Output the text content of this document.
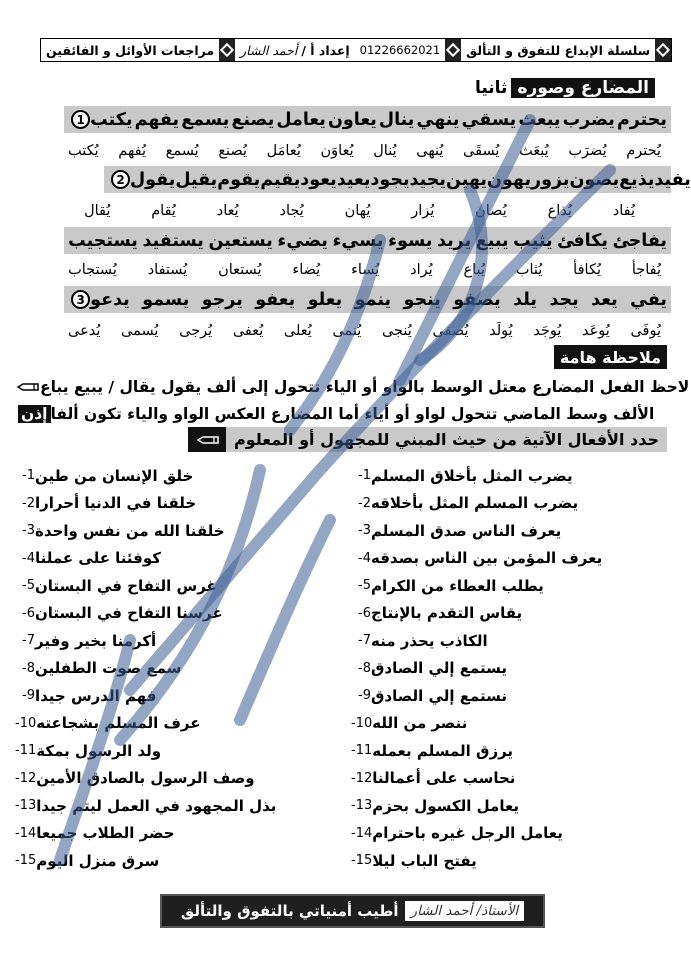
مراجعات الأوائل و الفائقين	إعداد أ /
أحمد الشار	01226662021	سلسلة الإبداع للتفوق و التألق
ثانيا المضارع وصوره
1 يكتب يفهم يسمع يصنع يعامل يعاون ينال ينهي يسقي يبعث يضرب يحترم
يُكتب يُفهم يُسمع يُصنع يُعامَل يُعاوَن يُنال يُنهى يُسقَى يُبعَث يُضرَب يُحترم
2 يقول يقيل يقوم يقيم يعود يعيد يجود يجيد يهين يهون يزور يصون يذيع يفيد
يُقال	يُقام	يُعاد	يُجاد	يُهان	يُزار	يُصان	يُذاع	يُفاد
يستجيب يستفيد يستعين يضيء يسيء يسوء يريد يبيع يثيب يكافئ يفاجئ
يُستجاب يُستفاد يُستعان يُضاء يُساء يُراد يُباع يُثاب يُكافأ يُفاجأ
3 يدعو يسمو يرجو يعفو يعلو ينمو ينجو يصفو يلد يجد يعد يفي
يُدعى يُسمى يُرجى يُعفى يُعلى يُنمى يُنجى يُصفى يُولَد يُوجَد يُوعَد يُوفَى
ملاحظة هامة
لاحظ الفعل المضارع معتل الوسط بالواو أو الياء تتحول إلى ألف يقول يقال / يبيع يباع
إذن الألف وسط الماضي تتحول لواو أو أياء أما المضارع العكس الواو والياء تكون ألفا
حدد الأفعال الآتية من حيث المبني للمجهول أو المعلوم
1- يضرب المثل بأخلاق المسلم
2- يضرب المسلم المثل بأخلاقه
3- يعرف الناس صدق المسلم
4- يعرف المؤمن بين الناس بصدقه
5- يطلب العطاء من الكرام
6- يقاس التقدم بالإنتاج
7- الكاذب يحذر منه
8- يستمع إلي الصادق
9- نستمع إلي الصادق
10- ننصر من الله
11- يرزق المسلم بعمله
12- نحاسب على أعمالنا
13- يعامل الكسول بحزم
14- يعامل الرجل غيره باحترام
15- يفتح الباب ليلا
1- خلق الإنسان من طين
2- خلقنا في الدنيا أحرارا
3- خلقنا الله من نفس واحدة
4- كوفئنا على عملنا
5- غرس التفاح في البستان
6- غرسنا التفاح في البستان
7- أكرمنا بخير وفير
8- سمع صوت الطفلين
9- فهم الدرس جيدا
10- عرف المسلم بشجاعته
11- ولد الرسول بمكة
12- وصف الرسول بالصادق الأمين
13- بذل المجهود في العمل ليتم جيدا
14- حضر الطلاب جميعا
15- سرق منزل اليوم
أطيب أمنياتي بالتفوق والتألق الأستاذ/ أحمد الشار
